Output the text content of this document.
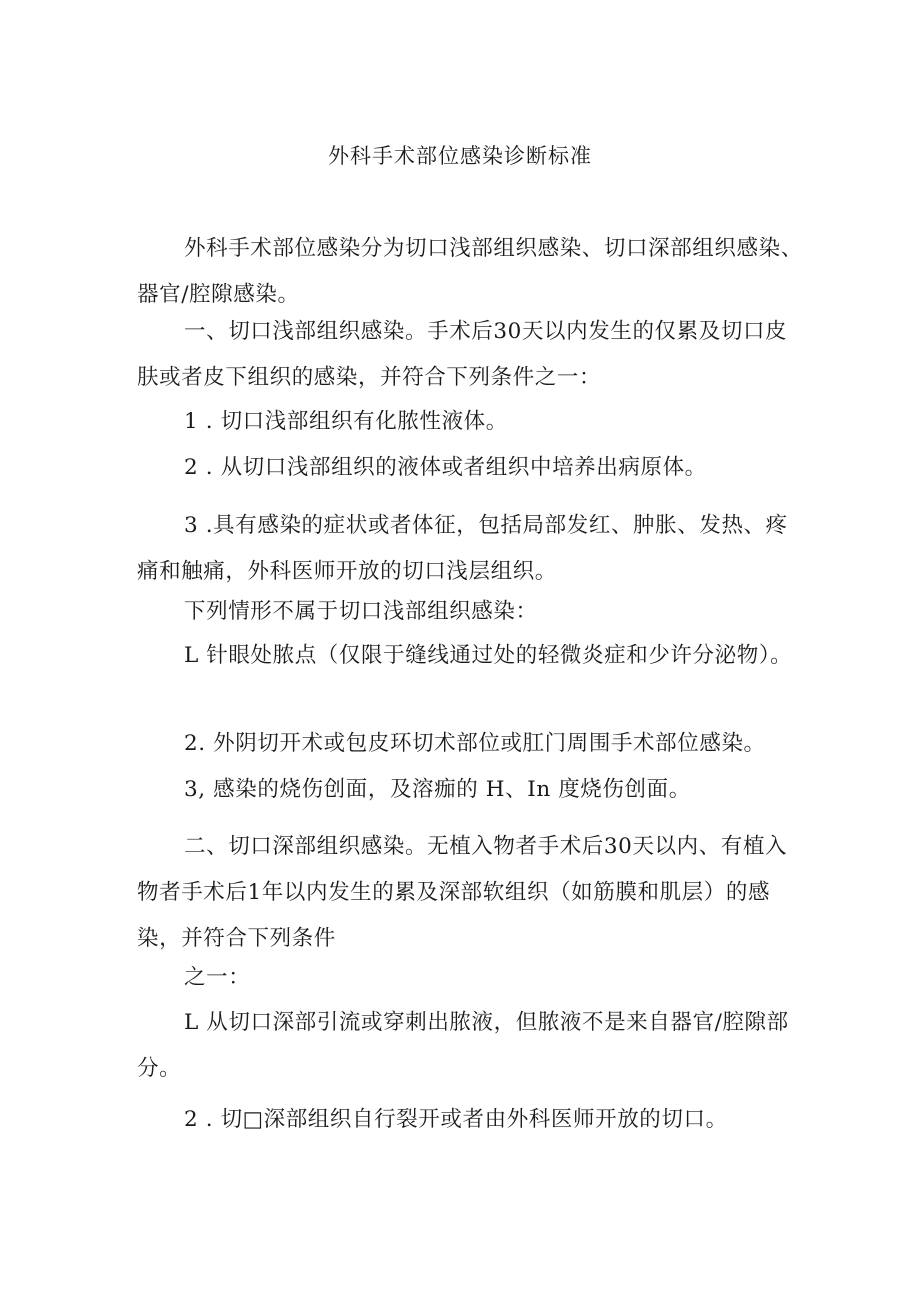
外科手术部位感染诊断标准

外科手术部位感染分为切口浅部组织感染、切口深部组织感染、器官/腔隙感染。

一、切口浅部组织感染。手术后30天以内发生的仅累及切口皮肤或者皮下组织的感染，并符合下列条件之一：

1 . 切口浅部组织有化脓性液体。

2 . 从切口浅部组织的液体或者组织中培养出病原体。

3 .具有感染的症状或者体征，包括局部发红、肿胀、发热、疼痛和触痛，外科医师开放的切口浅层组织。

下列情形不属于切口浅部组织感染：

L 针眼处脓点（仅限于缝线通过处的轻微炎症和少许分泌物）。

2. 外阴切开术或包皮环切术部位或肛门周围手术部位感染。

3, 感染的烧伤创面，及溶痂的 H、In 度烧伤创面。

二、切口深部组织感染。无植入物者手术后30天以内、有植入物者手术后1年以内发生的累及深部软组织（如筋膜和肌层）的感染，并符合下列条件

之一：

L 从切口深部引流或穿刺出脓液，但脓液不是来自器官/腔隙部分。

2 . 切□深部组织自行裂开或者由外科医师开放的切口。
